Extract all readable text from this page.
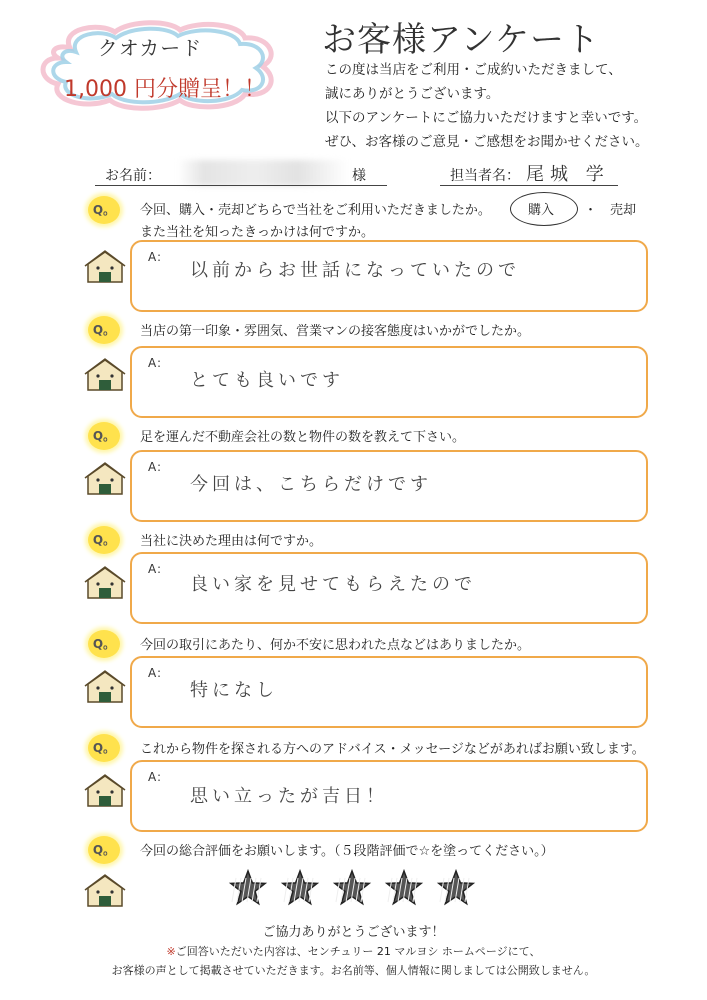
クオカード
1,000 円分贈呈！！
お客様アンケート
この度は当店をご利用・ご成約いただきまして、
誠にありがとうございます。
以下のアンケートにご協力いただけますと幸いです。
ぜひ、お客様のご意見・ご感想をお聞かせください。
お名前：	様	担当者名： 尾城 学
Q。	今回、購入・売却どちらで当社をご利用いただきましたか。	購入 ・ 売却
また当社を知ったきっかけは何ですか。
A：
以前からお世話になっていたので
Q。	当店の第一印象・雰囲気、営業マンの接客態度はいかがでしたか。
A：
とても良いです
Q。	足を運んだ不動産会社の数と物件の数を教えて下さい。
A：
今回は、こちらだけです
Q。	当社に決めた理由は何ですか。
A：
良い家を見せてもらえたので
Q。	今回の取引にあたり、何か不安に思われた点などはありましたか。
A：
特になし
Q。	これから物件を探される方へのアドバイス・メッセージなどがあればお願い致します。
A：
思い立ったが吉日！
Q。	今回の総合評価をお願いします。（５段階評価で☆を塗ってください。）
ご協力ありがとうございます！
※ご回答いただいた内容は、センチュリー 21 マルヨシ ホームページにて、
お客様の声として掲載させていただきます。お名前等、個人情報に関しましては公開致しません。
